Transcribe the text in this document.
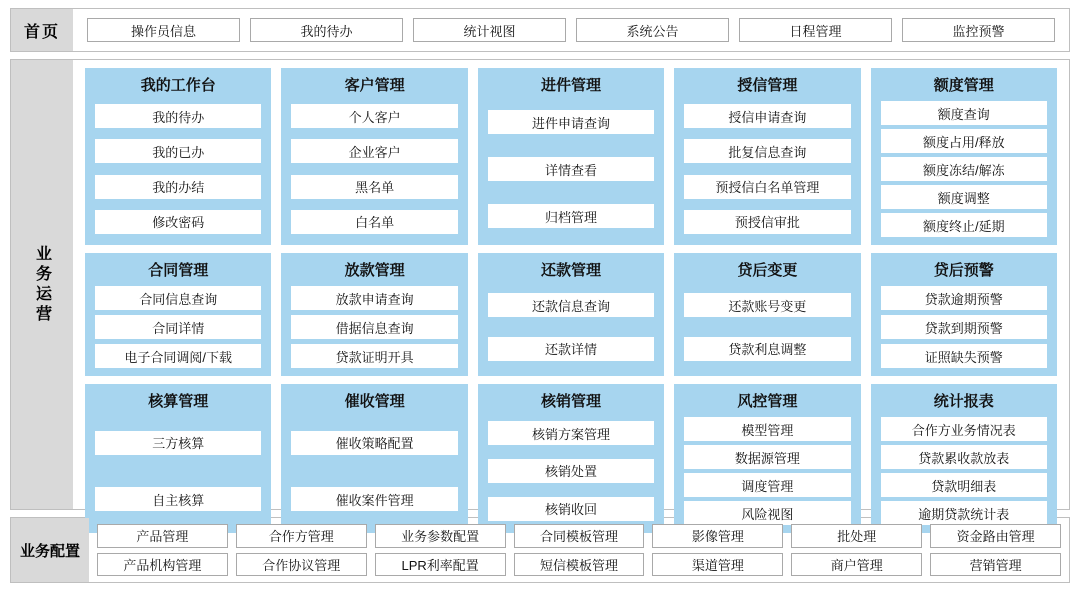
首页	操作员信息	我的待办	统计视图	系统公告	日程管理	监控预警
业务运营
我的工作台
我的待办
我的已办
我的办结
修改密码
客户管理
个人客户
企业客户
黑名单
白名单
进件管理
进件申请查询
详情查看
归档管理
授信管理
授信申请查询
批复信息查询
预授信白名单管理
预授信审批
额度管理
额度查询
额度占用/释放
额度冻结/解冻
额度调整
额度终止/延期
合同管理
合同信息查询
合同详情
电子合同调阅/下载
放款管理
放款申请查询
借据信息查询
贷款证明开具
还款管理
还款信息查询
还款详情
贷后变更
还款账号变更
贷款利息调整
贷后预警
贷款逾期预警
贷款到期预警
证照缺失预警
核算管理
三方核算
自主核算
催收管理
催收策略配置
催收案件管理
核销管理
核销方案管理
核销处置
核销收回
风控管理
模型管理
数据源管理
调度管理
风险视图
统计报表
合作方业务情况表
贷款累收款放表
贷款明细表
逾期贷款统计表
业务配置
产品管理	合作方管理	业务参数配置	合同模板管理	影像管理	批处理	资金路由管理
产品机构管理	合作协议管理	LPR利率配置	短信模板管理	渠道管理	商户管理	营销管理
